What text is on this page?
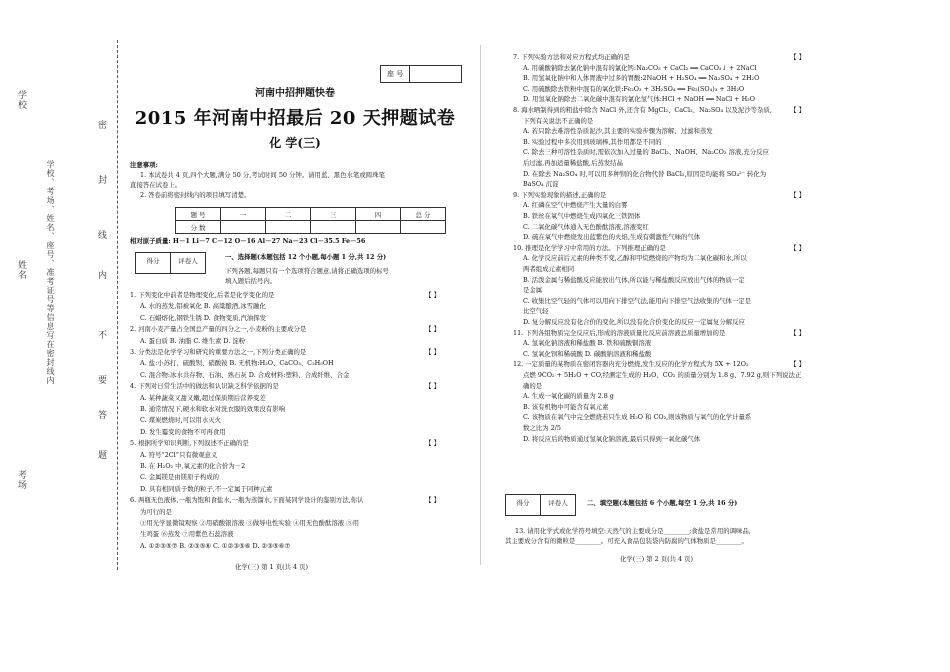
学校
姓名
考场
学校、考场、姓名、座号、准考证号等信息写在密封线内
密
封
线
内
不
要
答
题
座 号
河南中招押题快卷
2015 年河南中招最后 20 天押题试卷
化 学(三)
注意事项:
1. 本试卷共 4 页,四个大题,满分 50 分,考试时间 50 分钟。请用蓝、黑色水笔或圆珠笔
直接答在试卷上。
2. 答卷前将密封线内的项目填写清楚。
题 号	一	二	三	四	总 分
分 数					
相对原子质量: H－1 Li－7 C－12 O－16 Al－27 Na－23 Cl－35.5 Fe－56
得分	评卷人	一、选择题(本题包括 12 个小题,每小题 1 分,共 12 分)
下列各题,每题只有一个选项符合题意,请将正确选项的标号
填入题后括号内。
1. 下列变化中前者是物理变化,后者是化学变化的是	【 】
A. 水的蒸发,铝被氧化 B. 高粱酿酒,冰雪融化
C. 石蜡熔化,钢铁生锈 D. 食物变质,汽油挥发
2. 河南小麦产量占全国总产量的四分之一,小麦粉的主要成分是	【 】
A. 蛋白质 B. 油脂 C. 维生素 D. 淀粉
3. 分类法是化学学习和研究的重要方法之一,下列分类正确的是	【 】
A. 盐:小苏打、硫酸钡、硝酸铵 B. 无机物:H₂O、CaCO₃、C₂H₅OH
C. 混合物:冰水共存物、石油、熟石灰 D. 合成材料:塑料、合成纤维、合金
4. 下列对日常生活中的做法和认识缺乏科学依据的是	【 】
A. 某种蔬菜又甜又嫩,超过保质期后营养变差
B. 通常情况下,硬水和软水对洗衣服的效果没有影响
C. 煤炭燃烧时,可以用水灭火
D. 发生霉变的食物不可再食用
5. 根据所学知识判断,下列叙述不正确的是	【 】
A. 符号“2Cl”只有微观意义
B. 在 H₂O₂ 中,氧元素的化合价为－2
C. 金属镁是由镁原子构成的
D. 具有相同质子数的粒子,不一定属于同种元素
6. 两瓶无色液体,一瓶为饱和食盐水,一瓶为蒸馏水,下面某同学设计的鉴别方法,你认	【 】
为可行的是
①用光学显微镜观察 ②用硝酸银溶液 ③做导电性实验 ④用无色酚酞溶液 ⑤用
生鸡蛋 ⑥蒸发 ⑦用紫色石蕊溶液
A. ①②③⑤⑦ B. ②③⑤⑥ C. ①②③⑤⑥ D. ②③⑤⑥⑦
化学(三) 第 1 页(共 4 页)
7. 下列实验方法和对应方程式均正确的是	【 】
A. 用碳酸钠除去氯化钠中混有的氯化钙:Na₂CO₃ + CaCl₂ ══ CaCO₃↓ + 2NaCl
B. 用氢氧化钠中和人体胃液中过多的胃酸:2NaOH + H₂SO₄ ══ Na₂SO₄ + 2H₂O
C. 用硫酸除去铁粉中混有的氧化铁:Fe₂O₃ + 3H₂SO₄ ══ Fe₂(SO₄)₃ + 3H₂O
D. 用氢氧化钠除去二氧化碳中混有的氯化氢气体:HCl + NaOH ══ NaCl + H₂O
8. 海水晒制得到的粗盐中除含 NaCl 外,还含有 MgCl₂、CaCl₂、Na₂SO₄ 以及泥沙等杂质,	【 】
下列有关说法不正确的是
A. 若只除去难溶性杂质泥沙,其主要的实验步骤为溶解、过滤和蒸发
B. 实验过程中多次用到玻璃棒,其作用都是不同的
C. 除去三种可溶性杂质时,需依次加入过量的 BaCl₂、NaOH、Na₂CO₃ 溶液,充分反应
后过滤,再加适量稀盐酸,后蒸发结晶
D. 在除去 Na₂SO₄ 时,可以用多种钡的化合物代替 BaCl₂,原因是均能将 SO₄²⁻ 转化为
BaSO₄ 沉淀
9. 下列实验现象的描述,正确的是	【 】
A. 红磷在空气中燃烧产生大量的白雾
B. 铁丝在氧气中燃烧生成四氧化三铁固体
C. 二氧化碳气体通入无色酚酞溶液,溶液变红
D. 硫在氧气中燃烧发出蓝紫色的火焰,生成有刺激性气味的气体
10. 推理是化学学习中常用的方法。下列推理正确的是	【 】
A. 化学反应前后元素的种类不变,乙醇和甲烷燃烧的产物均为二氧化碳和水,所以
两者组成元素相同
B. 活泼金属与稀盐酸反应能放出气体,所以能与稀盐酸反应放出气体的物质一定
是金属
C. 收集比空气轻的气体可以用向下排空气法,能用向下排空气法收集的气体一定是
比空气轻
D. 复分解反应没有化合价的变化,所以没有化合价变化的反应一定属复分解反应
11. 下列各组物质完全反应后,形成的溶液质量比反应前溶液总质量增加的是	【 】
A. 氢氧化钠溶液和稀盐酸 B. 铁和硫酸铜溶液
C. 氢氧化钡和稀硫酸 D. 碳酸钠溶液和稀盐酸
12. 一定质量的某物质在密闭容器内充分燃烧,发生反应的化学方程式为 5X + 12O₂	【 】
点燃 9CO₂ + 5H₂O + CO,经测定生成的 H₂O、CO₂ 的质量分别为 1.8 g、7.92 g,则下列说法正
确的是
A. 生成一氧化碳的质量为 2.8 g
B. 该有机物中可能含有氧元素
C. 该物质在氧气中完全燃烧若只生成 H₂O 和 CO₂,则该物质与氧气的化学计量系
数之比为 2/5
D. 将反应后的物质通过氢氧化钠溶液,最后只得到一氧化碳气体
得分	评卷人	二、填空题(本题包括 6 个小题,每空 1 分,共 16 分)
13. 请用化学式或化学符号填空:天然气的主要成分是________;食盐是常用的调味品,
其主要成分含有的微粒是________。可充入食品包装袋内防腐的气体物质是________。
化学(三) 第 2 页(共 4 页)
